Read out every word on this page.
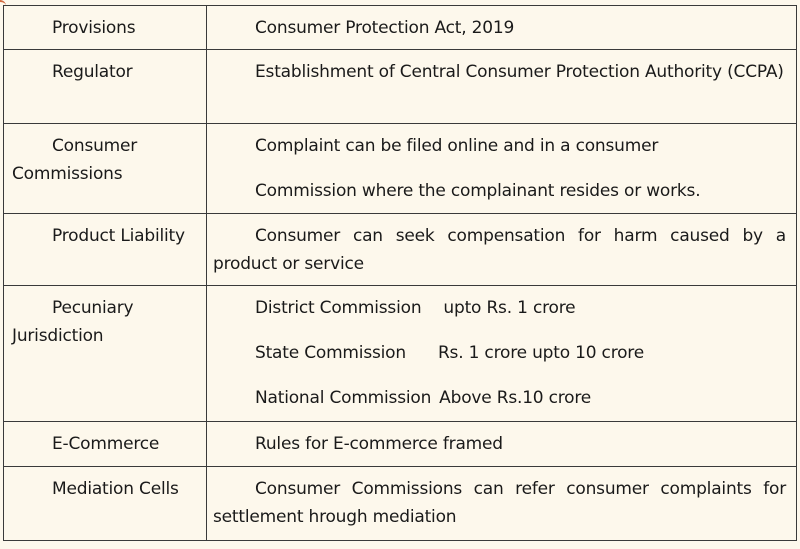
Provisions	Consumer Protection Act, 2019

Regulator	Establishment of Central Consumer Protection Authority (CCPA)

Consumer Commissions	Complaint can be filed online and in a consumer

Commission where the complainant resides or works.

Product Liability	Consumer can seek compensation for harm caused by a product or service

Pecuniary Jurisdiction	District Commission upto Rs. 1 crore

State Commission Rs. 1 crore upto 10 crore

National Commission Above Rs.10 crore

E-Commerce	Rules for E-commerce framed

Mediation Cells	Consumer Commissions can refer consumer complaints for settlement hrough mediation
